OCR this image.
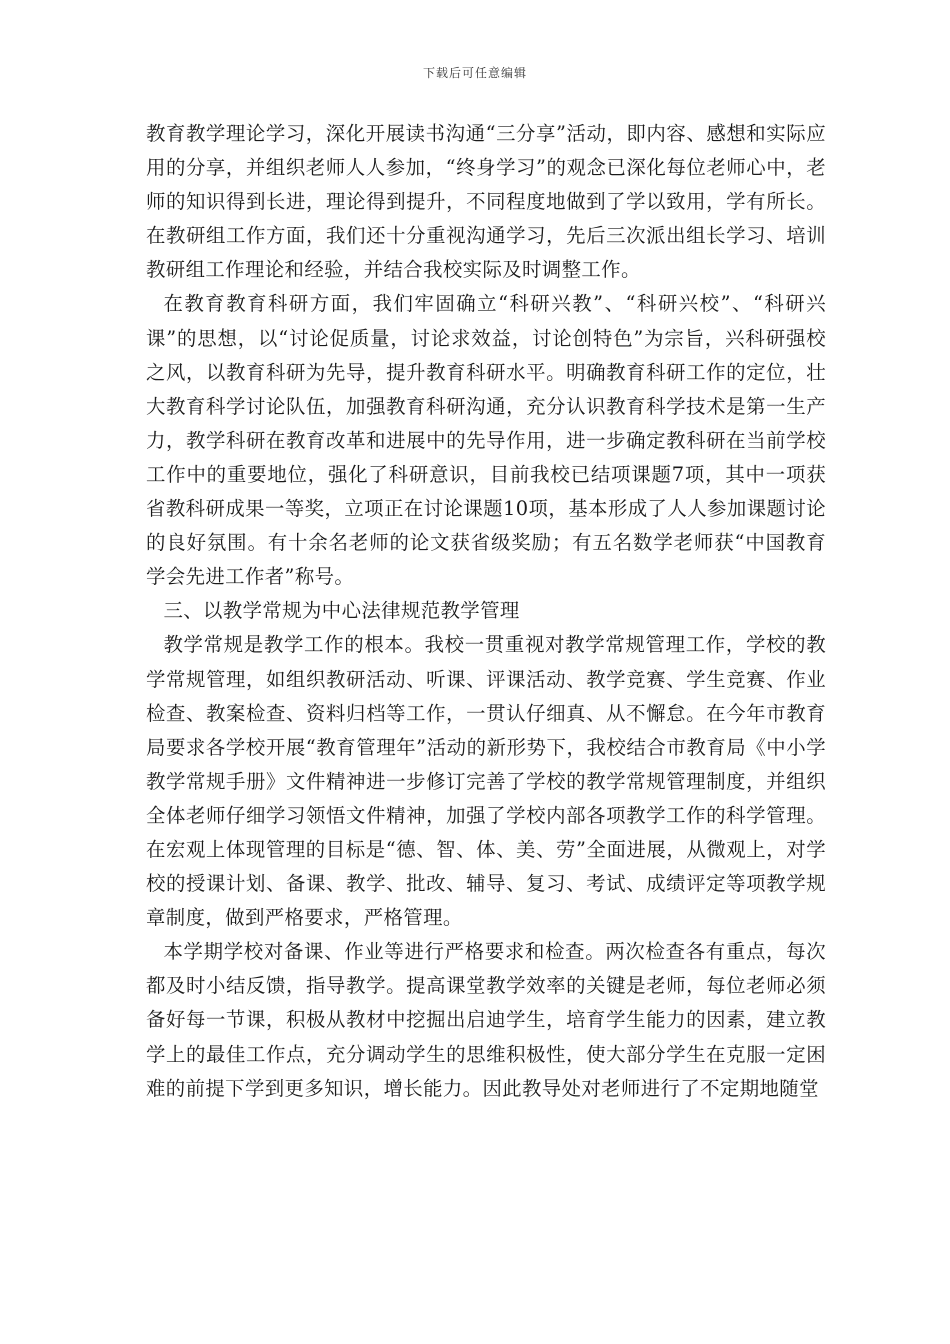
下载后可任意编辑

教育教学理论学习，深化开展读书沟通“三分享”活动，即内容、感想和实际应用的分享，并组织老师人人参加，“终身学习”的观念已深化每位老师心中，老师的知识得到长进，理论得到提升，不同程度地做到了学以致用，学有所长。在教研组工作方面，我们还十分重视沟通学习，先后三次派出组长学习、培训教研组工作理论和经验，并结合我校实际及时调整工作。

在教育教育科研方面，我们牢固确立“科研兴教”、“科研兴校”、“科研兴课”的思想，以“讨论促质量，讨论求效益，讨论创特色”为宗旨，兴科研强校之风，以教育科研为先导，提升教育科研水平。明确教育科研工作的定位，壮大教育科学讨论队伍，加强教育科研沟通，充分认识教育科学技术是第一生产力，教学科研在教育改革和进展中的先导作用，进一步确定教科研在当前学校工作中的重要地位，强化了科研意识，目前我校已结项课题7项，其中一项获省教科研成果一等奖，立项正在讨论课题10项，基本形成了人人参加课题讨论的良好氛围。有十余名老师的论文获省级奖励；有五名数学老师获“中国教育学会先进工作者”称号。

三、以教学常规为中心法律规范教学管理

教学常规是教学工作的根本。我校一贯重视对教学常规管理工作，学校的教学常规管理，如组织教研活动、听课、评课活动、教学竞赛、学生竞赛、作业检查、教案检查、资料归档等工作，一贯认仔细真、从不懈怠。在今年市教育局要求各学校开展“教育管理年”活动的新形势下，我校结合市教育局《中小学教学常规手册》文件精神进一步修订完善了学校的教学常规管理制度，并组织全体老师仔细学习领悟文件精神，加强了学校内部各项教学工作的科学管理。在宏观上体现管理的目标是“德、智、体、美、劳”全面进展，从微观上，对学校的授课计划、备课、教学、批改、辅导、复习、考试、成绩评定等项教学规章制度，做到严格要求，严格管理。

本学期学校对备课、作业等进行严格要求和检查。两次检查各有重点，每次都及时小结反馈，指导教学。提高课堂教学效率的关键是老师，每位老师必须备好每一节课，积极从教材中挖掘出启迪学生，培育学生能力的因素，建立教学上的最佳工作点，充分调动学生的思维积极性，使大部分学生在克服一定困难的前提下学到更多知识，增长能力。因此教导处对老师进行了不定期地随堂
